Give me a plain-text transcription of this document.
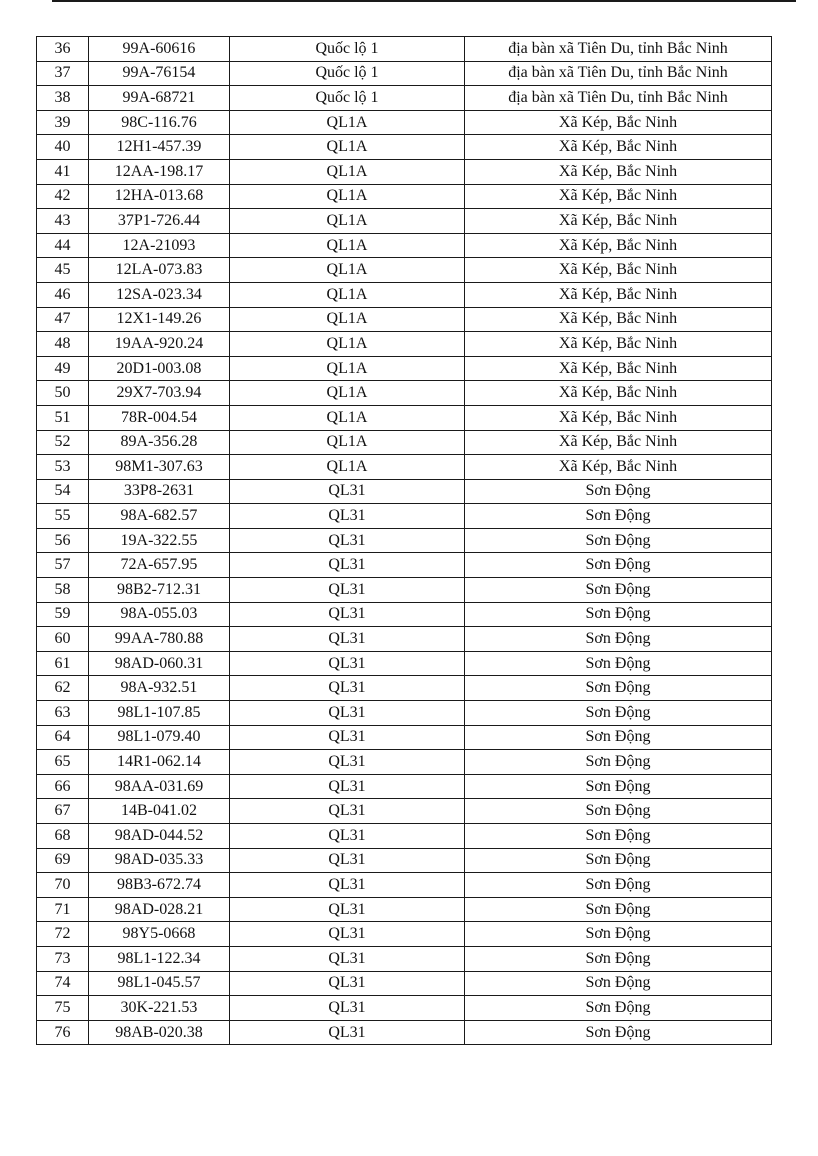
36	99A-60616	Quốc lộ 1	địa bàn xã Tiên Du, tỉnh Bắc Ninh
37	99A-76154	Quốc lộ 1	địa bàn xã Tiên Du, tỉnh Bắc Ninh
38	99A-68721	Quốc lộ 1	địa bàn xã Tiên Du, tỉnh Bắc Ninh
39	98C-116.76	QL1A	Xã Kép, Bắc Ninh
40	12H1-457.39	QL1A	Xã Kép, Bắc Ninh
41	12AA-198.17	QL1A	Xã Kép, Bắc Ninh
42	12HA-013.68	QL1A	Xã Kép, Bắc Ninh
43	37P1-726.44	QL1A	Xã Kép, Bắc Ninh
44	12A-21093	QL1A	Xã Kép, Bắc Ninh
45	12LA-073.83	QL1A	Xã Kép, Bắc Ninh
46	12SA-023.34	QL1A	Xã Kép, Bắc Ninh
47	12X1-149.26	QL1A	Xã Kép, Bắc Ninh
48	19AA-920.24	QL1A	Xã Kép, Bắc Ninh
49	20D1-003.08	QL1A	Xã Kép, Bắc Ninh
50	29X7-703.94	QL1A	Xã Kép, Bắc Ninh
51	78R-004.54	QL1A	Xã Kép, Bắc Ninh
52	89A-356.28	QL1A	Xã Kép, Bắc Ninh
53	98M1-307.63	QL1A	Xã Kép, Bắc Ninh
54	33P8-2631	QL31	Sơn Động
55	98A-682.57	QL31	Sơn Động
56	19A-322.55	QL31	Sơn Động
57	72A-657.95	QL31	Sơn Động
58	98B2-712.31	QL31	Sơn Động
59	98A-055.03	QL31	Sơn Động
60	99AA-780.88	QL31	Sơn Động
61	98AD-060.31	QL31	Sơn Động
62	98A-932.51	QL31	Sơn Động
63	98L1-107.85	QL31	Sơn Động
64	98L1-079.40	QL31	Sơn Động
65	14R1-062.14	QL31	Sơn Động
66	98AA-031.69	QL31	Sơn Động
67	14B-041.02	QL31	Sơn Động
68	98AD-044.52	QL31	Sơn Động
69	98AD-035.33	QL31	Sơn Động
70	98B3-672.74	QL31	Sơn Động
71	98AD-028.21	QL31	Sơn Động
72	98Y5-0668	QL31	Sơn Động
73	98L1-122.34	QL31	Sơn Động
74	98L1-045.57	QL31	Sơn Động
75	30K-221.53	QL31	Sơn Động
76	98AB-020.38	QL31	Sơn Động
